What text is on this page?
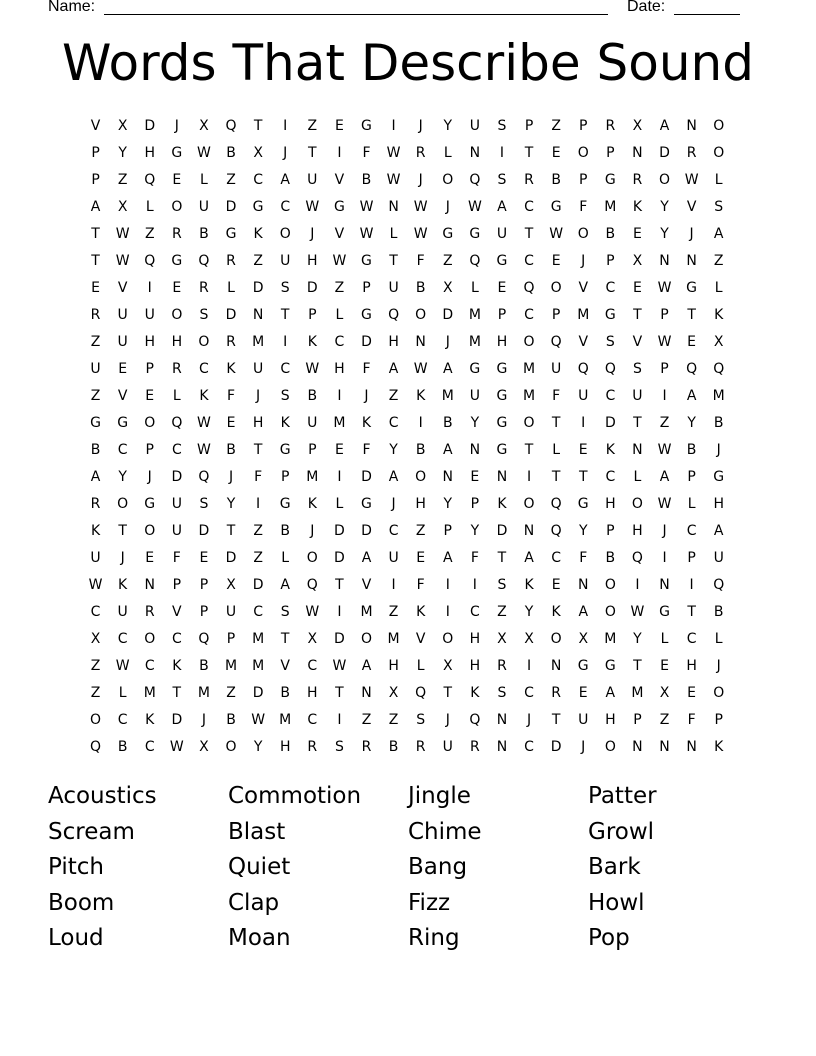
Name:	Date:
Words That Describe Sound
V	X	D	J	X	Q	T	I	Z	E	G	I	J	Y	U	S	P	Z	P	R	X	A	N	O
P	Y	H	G	W	B	X	J	T	I	F	W	R	L	N	I	T	E	O	P	N	D	R	O
P	Z	Q	E	L	Z	C	A	U	V	B	W	J	O	Q	S	R	B	P	G	R	O	W	L
A	X	L	O	U	D	G	C	W	G	W	N	W	J	W	A	C	G	F	M	K	Y	V	S
T	W	Z	R	B	G	K	O	J	V	W	L	W	G	G	U	T	W	O	B	E	Y	J	A
T	W	Q	G	Q	R	Z	U	H	W	G	T	F	Z	Q	G	C	E	J	P	X	N	N	Z
E	V	I	E	R	L	D	S	D	Z	P	U	B	X	L	E	Q	O	V	C	E	W	G	L
R	U	U	O	S	D	N	T	P	L	G	Q	O	D	M	P	C	P	M	G	T	P	T	K
Z	U	H	H	O	R	M	I	K	C	D	H	N	J	M	H	O	Q	V	S	V	W	E	X
U	E	P	R	C	K	U	C	W	H	F	A	W	A	G	G	M	U	Q	Q	S	P	Q	Q
Z	V	E	L	K	F	J	S	B	I	J	Z	K	M	U	G	M	F	U	C	U	I	A	M
G	G	O	Q	W	E	H	K	U	M	K	C	I	B	Y	G	O	T	I	D	T	Z	Y	B
B	C	P	C	W	B	T	G	P	E	F	Y	B	A	N	G	T	L	E	K	N	W	B	J
A	Y	J	D	Q	J	F	P	M	I	D	A	O	N	E	N	I	T	T	C	L	A	P	G
R	O	G	U	S	Y	I	G	K	L	G	J	H	Y	P	K	O	Q	G	H	O	W	L	H
K	T	O	U	D	T	Z	B	J	D	D	C	Z	P	Y	D	N	Q	Y	P	H	J	C	A
U	J	E	F	E	D	Z	L	O	D	A	U	E	A	F	T	A	C	F	B	Q	I	P	U
W	K	N	P	P	X	D	A	Q	T	V	I	F	I	I	S	K	E	N	O	I	N	I	Q
C	U	R	V	P	U	C	S	W	I	M	Z	K	I	C	Z	Y	K	A	O	W	G	T	B
X	C	O	C	Q	P	M	T	X	D	O	M	V	O	H	X	X	O	X	M	Y	L	C	L
Z	W	C	K	B	M	M	V	C	W	A	H	L	X	H	R	I	N	G	G	T	E	H	J
Z	L	M	T	M	Z	D	B	H	T	N	X	Q	T	K	S	C	R	E	A	M	X	E	O
O	C	K	D	J	B	W	M	C	I	Z	Z	S	J	Q	N	J	T	U	H	P	Z	F	P
Q	B	C	W	X	O	Y	H	R	S	R	B	R	U	R	N	C	D	J	O	N	N	N	K
Acoustics	Commotion	Jingle	Patter
Scream	Blast	Chime	Growl
Pitch	Quiet	Bang	Bark
Boom	Clap	Fizz	Howl
Loud	Moan	Ring	Pop
